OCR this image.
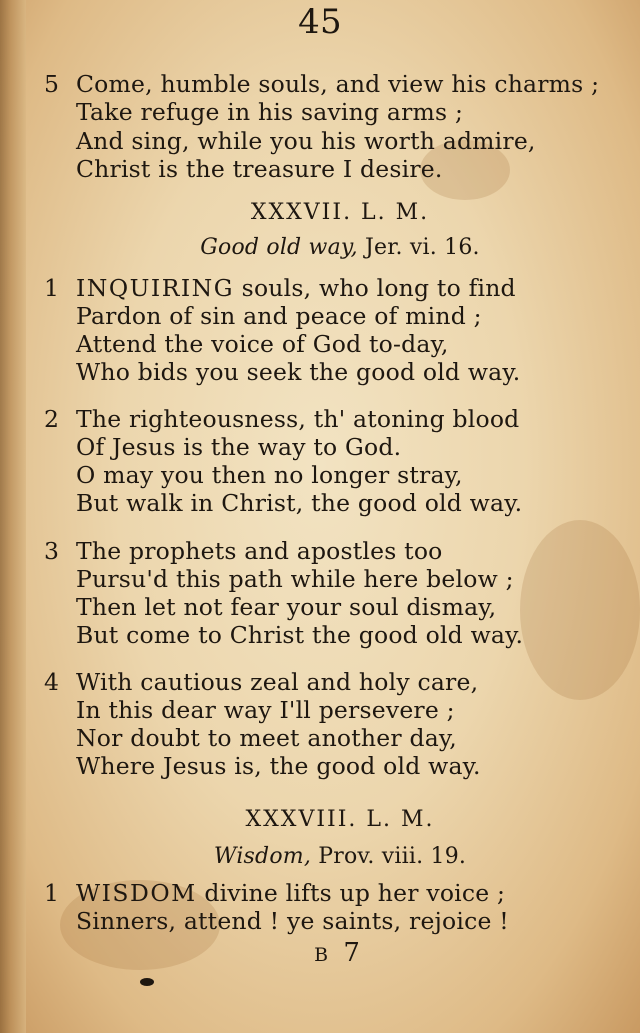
45
5 Come, humble souls, and view his charms ;
Take refuge in his saving arms ;
And sing, while you his worth admire,
Christ is the treasure I desire.
XXXVII. L. M.
Good old way, Jer. vi. 16.
1 INQUIRING souls, who long to find
Pardon of sin and peace of mind ;
Attend the voice of God to-day,
Who bids you seek the good old way.
2 The righteousness, th' atoning blood
Of Jesus is the way to God.
O may you then no longer stray,
But walk in Christ, the good old way.
3 The prophets and apostles too
Pursu'd this path while here below ;
Then let not fear your soul dismay,
But come to Christ the good old way.
4 With cautious zeal and holy care,
In this dear way I'll persevere ;
Nor doubt to meet another day,
Where Jesus is, the good old way.
XXXVIII. L. M.
Wisdom, Prov. viii. 19.
1 WISDOM divine lifts up her voice ;
Sinners, attend ! ye saints, rejoice !
B 7
